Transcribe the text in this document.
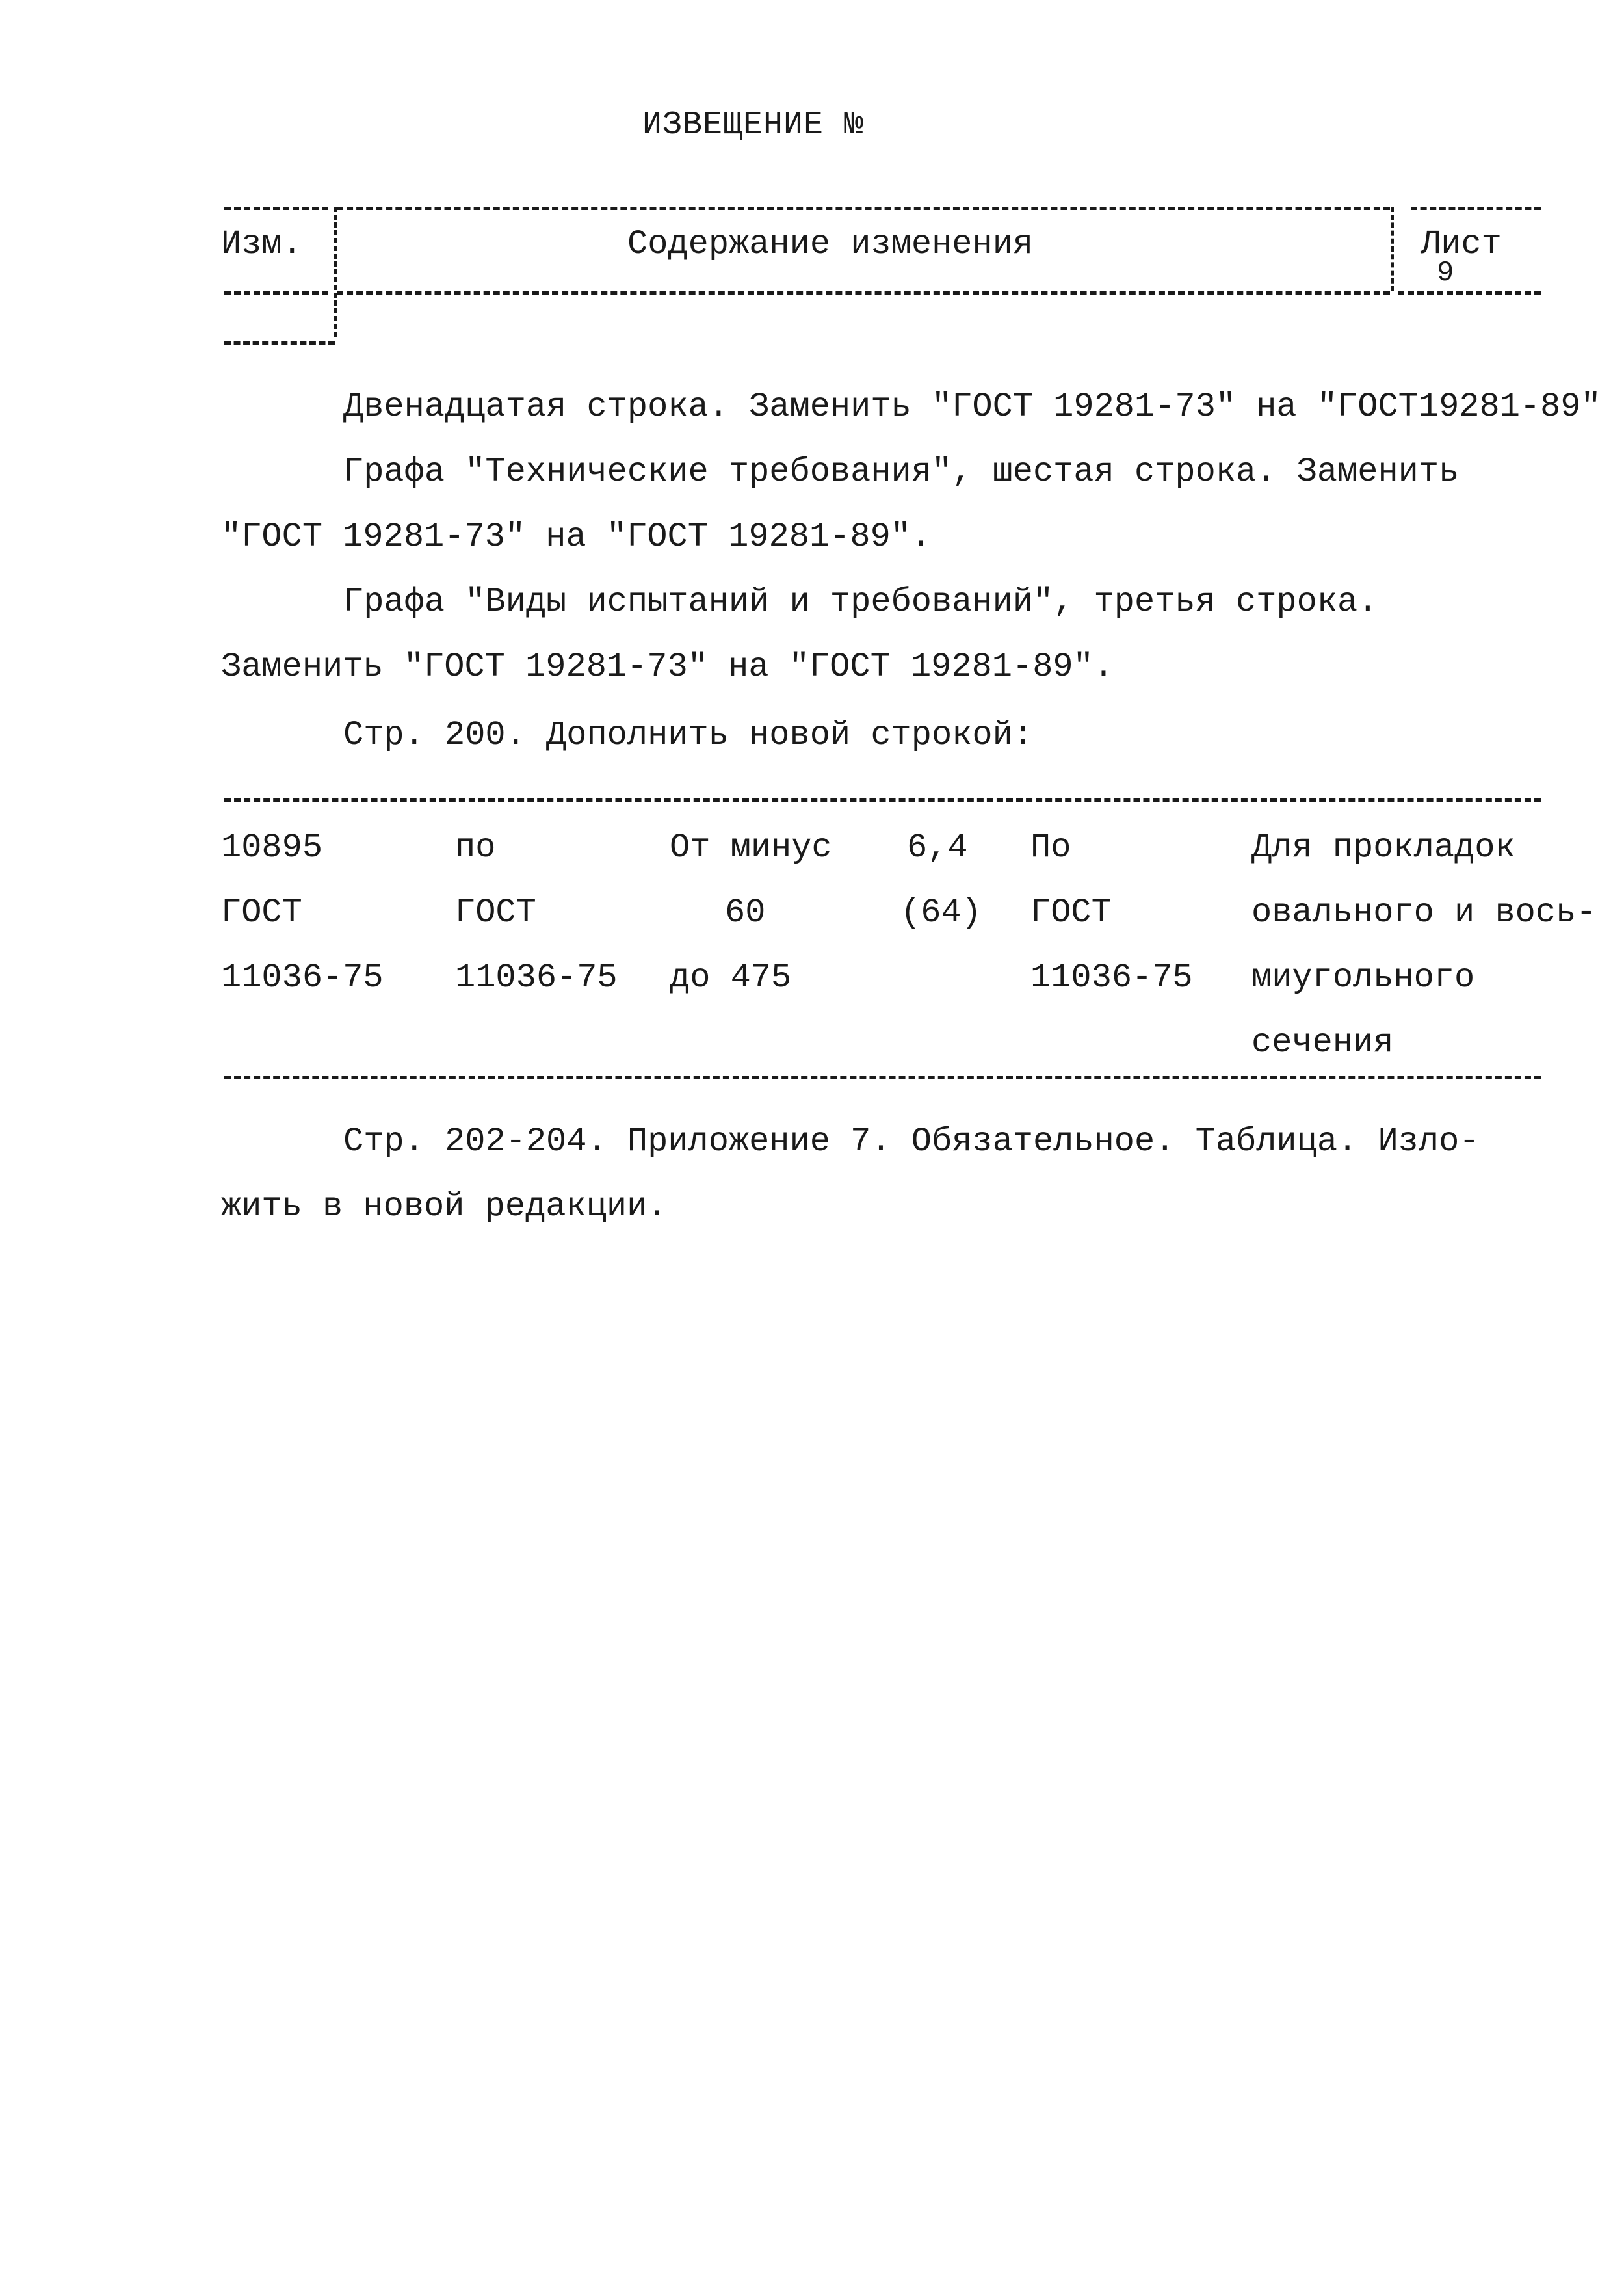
ИЗВЕЩЕНИЕ №
Изм.	Содержание изменения	Лист
9
Двенадцатая строка. Заменить "ГОСТ 19281-73" на "ГОСТ19281-89"
Графа "Технические требования", шестая строка. Заменить
"ГОСТ 19281-73" на "ГОСТ 19281-89".
Графа "Виды испытаний и требований", третья строка.
Заменить "ГОСТ 19281-73" на "ГОСТ 19281-89".
Стр. 200. Дополнить новой строкой:
10895
ГОСТ
11036-75
по
ГОСТ
11036-75
От минус
60
до 475
6,4
(64)
По
ГОСТ
11036-75
Для прокладок
овального и вось-
миугольного
сечения
Стр. 202-204. Приложение 7. Обязательное. Таблица. Изло-
жить в новой редакции.
